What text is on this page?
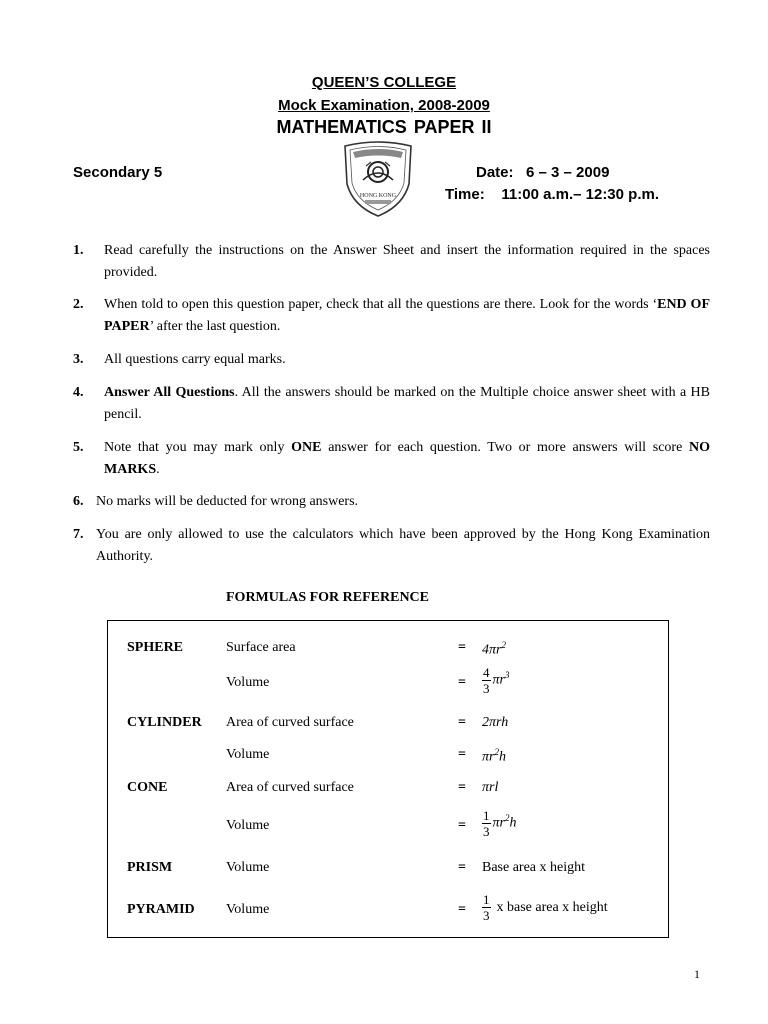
QUEEN’S COLLEGE
Mock Examination, 2008-2009
MATHEMATICS PAPER II
Secondary 5	Date:   6 – 3 – 2009
Time:    11:00 a.m.– 12:30 p.m.
HONG KONG
1. Read carefully the instructions on the Answer Sheet and insert the information required in the spaces provided.
2. When told to open this question paper, check that all the questions are there. Look for the words ‘END OF PAPER’ after the last question.
3. All questions carry equal marks.
4. Answer All Questions. All the answers should be marked on the Multiple choice answer sheet with a HB pencil.
5. Note that you may mark only ONE answer for each question. Two or more answers will score NO MARKS.
6. No marks will be deducted for wrong answers.
7. You are only allowed to use the calculators which have been approved by the Hong Kong Examination Authority.
FORMULAS FOR REFERENCE
SPHERE	Surface area	= $4\pi r^2$
Volume	= $\frac{4}{3} \pi r^3$
CYLINDER Area of curved surface	= 2πrh
Volume	= $\pi r^2h$
CONE	Area of curved surface	= πrl
Volume	= $\frac{1}{3} \pi r^2h$
PRISM	Volume	= Base area x height
PYRAMID Volume	= $\frac{1}{3}$ x base area x height
1
